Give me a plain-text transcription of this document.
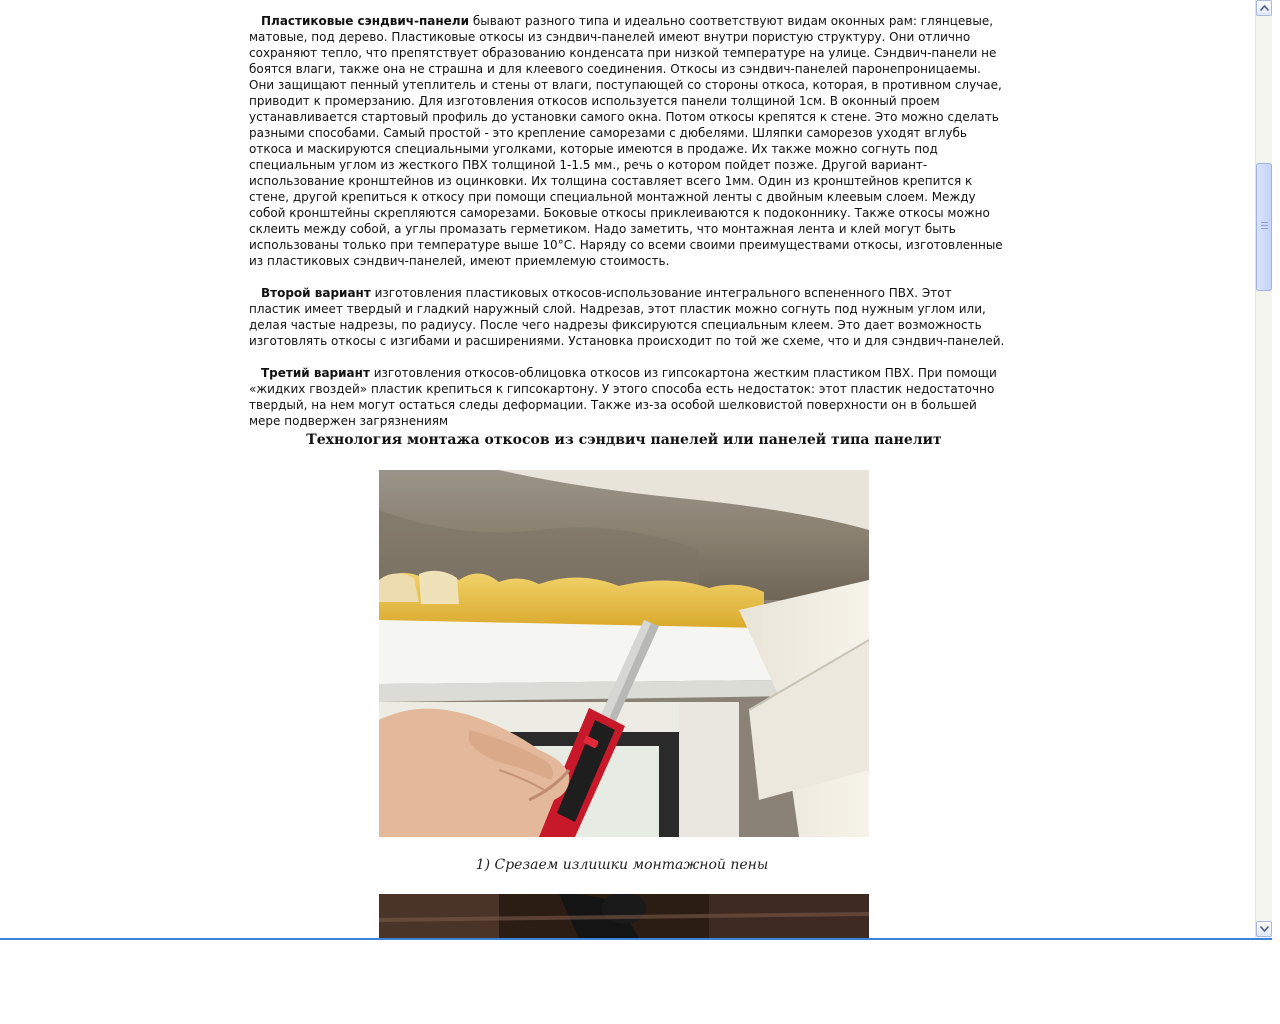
Пластиковые сэндвич-панели бывают разного типа и идеально соответствуют видам оконных рам: глянцевые, матовые, под дерево. Пластиковые откосы из сэндвич-панелей имеют внутри пористую структуру. Они отлично сохраняют тепло, что препятствует образованию конденсата при низкой температуре на улице. Сэндвич-панели не боятся влаги, также она не страшна и для клеевого соединения. Откосы из сэндвич-панелей паронепроницаемы. Они защищают пенный утеплитель и стены от влаги, поступающей со стороны откоса, которая, в противном случае, приводит к промерзанию. Для изготовления откосов используется панели толщиной 1см. В оконный проем устанавливается стартовый профиль до установки самого окна. Потом откосы крепятся к стене. Это можно сделать разными способами. Самый простой - это крепление саморезами с дюбелями. Шляпки саморезов уходят вглубь откоса и маскируются специальными уголками, которые имеются в продаже. Их также можно согнуть под специальным углом из жесткого ПВХ толщиной 1-1.5 мм., речь о котором пойдет позже. Другой вариант- использование кронштейнов из оцинковки. Их толщина составляет всего 1мм. Один из кронштейнов крепится к стене, другой крепиться к откосу при помощи специальной монтажной ленты с двойным клеевым слоем. Между собой кронштейны скрепляются саморезами. Боковые откосы приклеиваются к подоконнику. Также откосы можно склеить между собой, а углы промазать герметиком. Надо заметить, что монтажная лента и клей могут быть использованы только при температуре выше 10°С. Наряду со всеми своими преимуществами откосы, изготовленные из пластиковых сэндвич-панелей, имеют приемлемую стоимость.

Второй вариант изготовления пластиковых откосов-использование интегрального вспененного ПВХ. Этот пластик имеет твердый и гладкий наружный слой. Надрезав, этот пластик можно согнуть под нужным углом или, делая частые надрезы, по радиусу. После чего надрезы фиксируются специальным клеем. Это дает возможность изготовлять откосы с изгибами и расширениями. Установка происходит по той же схеме, что и для сэндвич-панелей.

Третий вариант изготовления откосов-облицовка откосов из гипсокартона жестким пластиком ПВХ. При помощи «жидких гвоздей» пластик крепиться к гипсокартону. У этого способа есть недостаток: этот пластик недостаточно твердый, на нем могут остаться следы деформации. Также из-за особой шелковистой поверхности он в большей мере подвержен загрязнениям

Технология монтажа откосов из сэндвич панелей или панелей типа панелит
1) Срезаем излишки монтажной пены
